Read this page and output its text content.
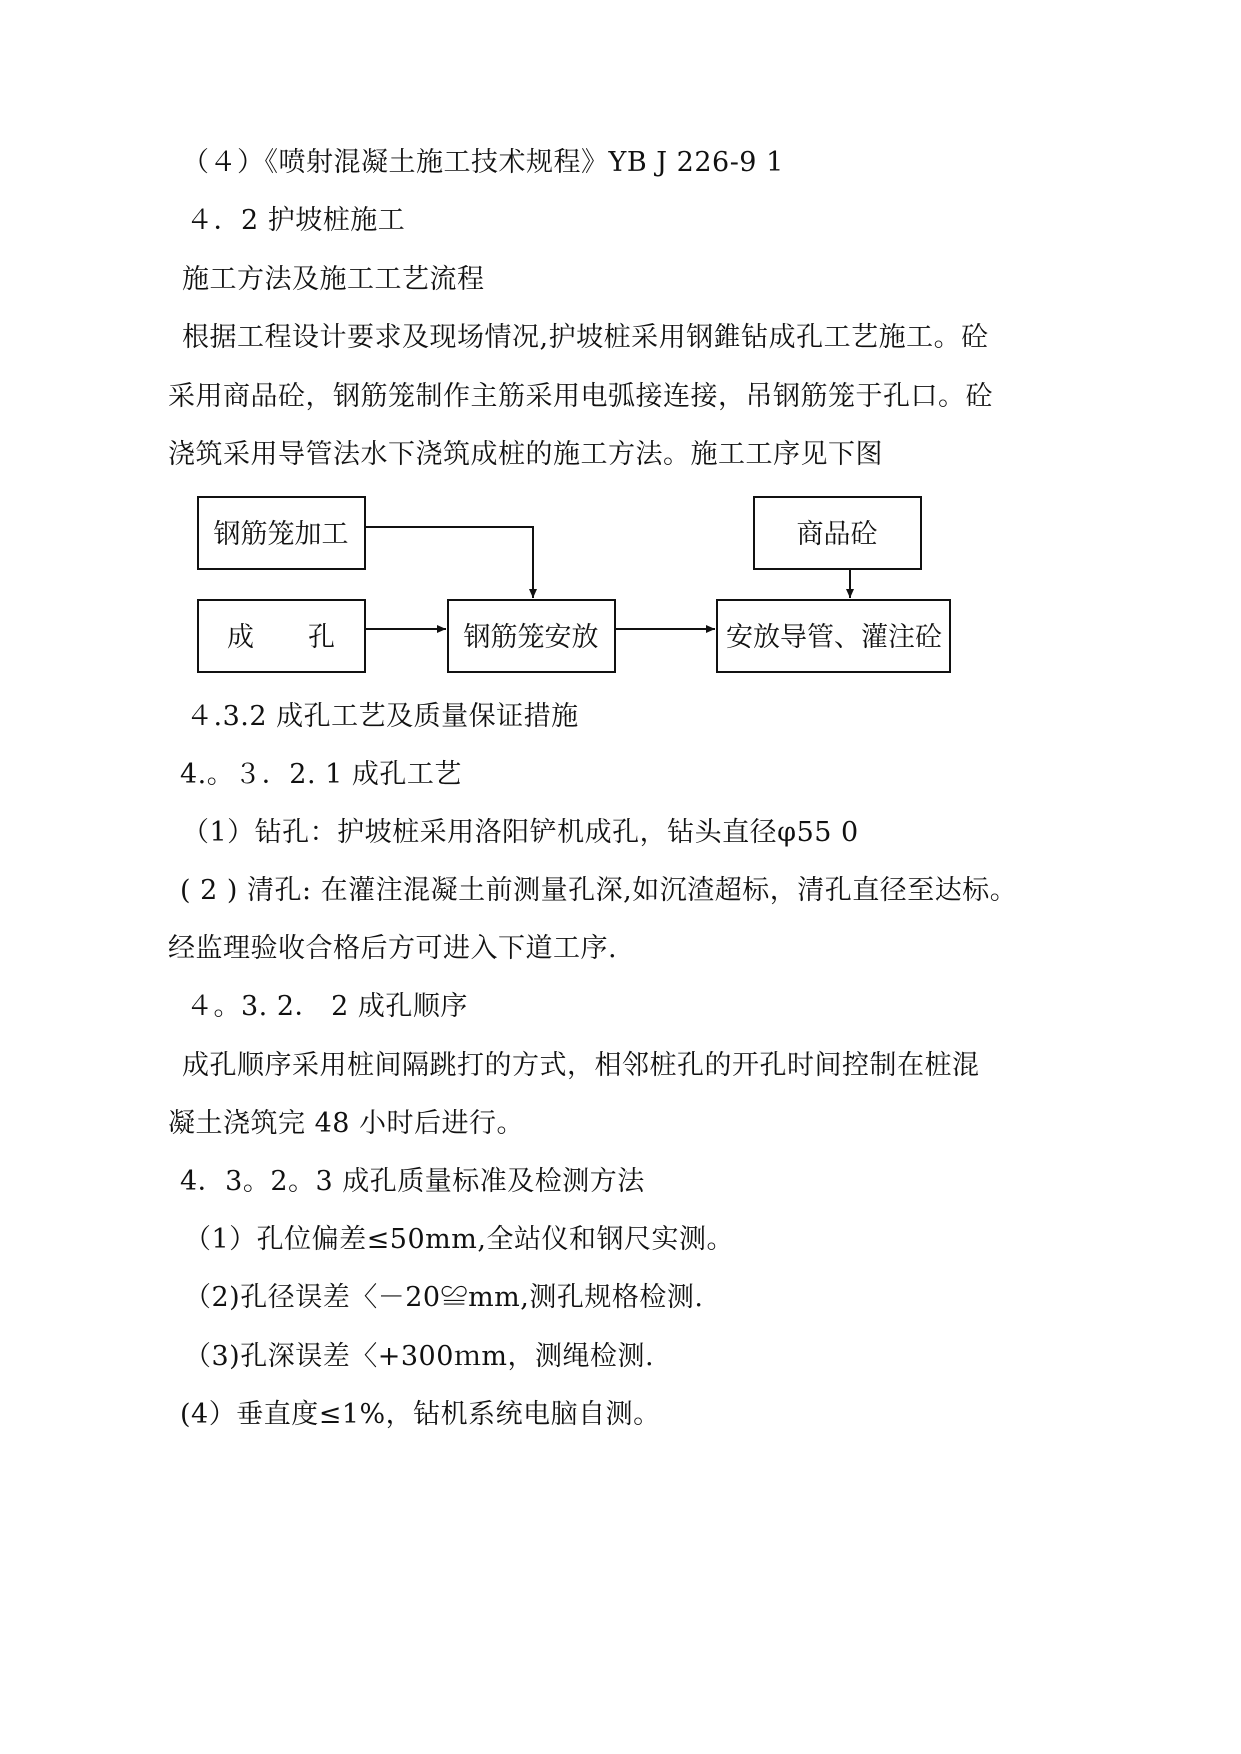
（４）《喷射混凝土施工技术规程》YB J 226-9 1
４．2 护坡桩施工
施工方法及施工工艺流程
根据工程设计要求及现场情况,护坡桩采用钢錐钻成孔工艺施工。砼
采用商品砼，钢筋笼制作主筋采用电弧接连接，吊钢筋笼于孔口。砼
浇筑采用导管法水下浇筑成桩的施工方法。施工工序见下图
钢筋笼加工
成　　孔	钢筋笼安放
商品砼
安放导管、灌注砼
４.3.2 成孔工艺及质量保证措施
4.。３．2. 1 成孔工艺
（1）钻孔：护坡桩采用洛阳铲机成孔，钻头直径φ55 0
( 2 ) 清孔: 在灌注混凝土前测量孔深,如沉渣超标，清孔直径至达标。
经监理验收合格后方可进入下道工序.
４。3. 2． 2 成孔顺序
成孔顺序采用桩间隔跳打的方式，相邻桩孔的开孔时间控制在桩混
凝土浇筑完 48 小时后进行。
4．3。2。3 成孔质量标准及检测方法
（1）孔位偏差≤50mm,全站仪和钢尺实测。
（2)孔径误差〈－20≌mm,测孔规格检测.
（3)孔深误差〈+300ｍm，测绳检测.
(4）垂直度≤1%，钻机系统电脑自测。
